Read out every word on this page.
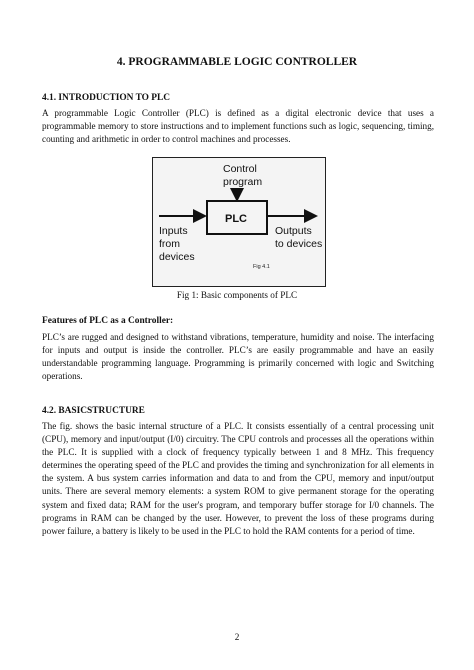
4. PROGRAMMABLE LOGIC CONTROLLER
4.1. INTRODUCTION TO PLC

A programmable Logic Controller (PLC) is defined as a digital electronic device that uses a programmable memory to store instructions and to implement functions such as logic, sequencing, timing, counting and arithmetic in order to control machines and processes.

Control
program
PLC
Inputs
from
devices
Outputs
to devices
Fig 4.1

Fig 1: Basic components of PLC

Features of PLC as a Controller:

PLC’s are rugged and designed to withstand vibrations, temperature, humidity and noise. The interfacing for inputs and output is inside the controller. PLC’s are easily programmable and have an easily understandable programming language. Programming is primarily concerned with logic and Switching operations.

4.2. BASICSTRUCTURE

The fig. shows the basic internal structure of a PLC. It consists essentially of a central processing unit (CPU), memory and input/output (I/0) circuitry. The CPU controls and processes all the operations within the PLC. It is supplied with a clock of frequency typically between 1 and 8 MHz. This frequency determines the operating speed of the PLC and provides the timing and synchronization for all elements in the system. A bus system carries information and data to and from the CPU, memory and input/output units. There are several memory elements: a system ROM to give permanent storage for the operating system and fixed data; RAM for the user's program, and temporary buffer storage for I/0 channels. The programs in RAM can be changed by the user. However, to prevent the loss of these programs during power failure, a battery is likely to be used in the PLC to hold the RAM contents for a period of time.

2
